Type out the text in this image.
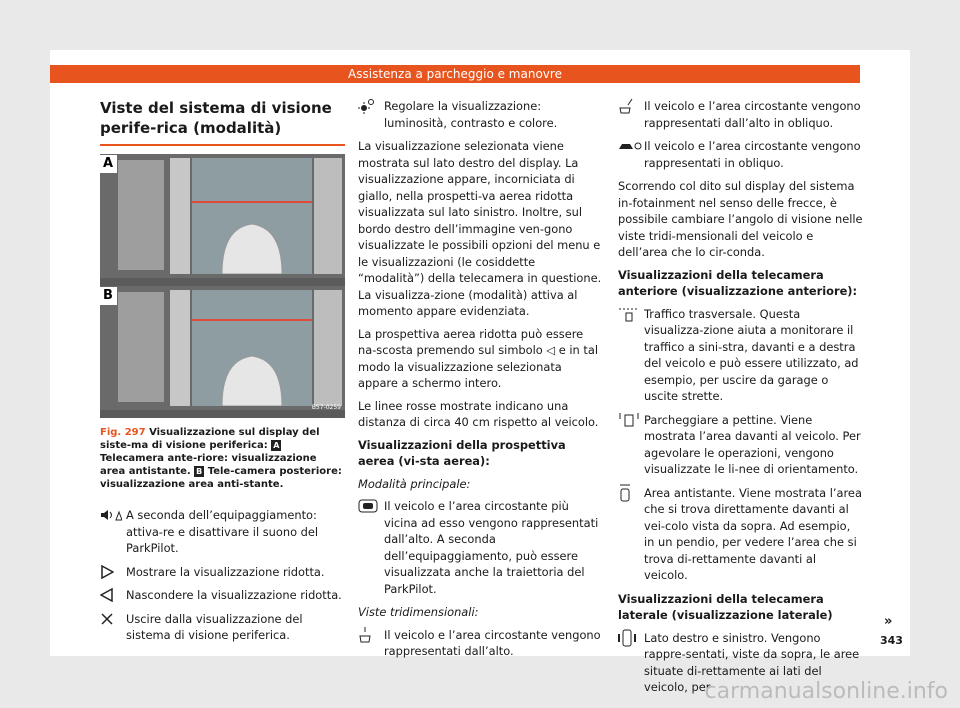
Assistenza a parcheggio e manovre
Viste del sistema di visione perife-rica (modalità)
A
B
B57-0259
Fig. 297 Visualizzazione sul display del siste-ma di visione periferica: A Telecamera ante-riore: visualizzazione area antistante. B Tele-camera posteriore: visualizzazione area anti-stante.
A seconda dell’equipaggiamento: attiva-re e disattivare il suono del ParkPilot.
Mostrare la visualizzazione ridotta.
Nascondere la visualizzazione ridotta.
Uscire dalla visualizzazione del sistema di visione periferica.
Regolare la visualizzazione: luminosità, contrasto e colore.

La visualizzazione selezionata viene mostrata sul lato destro del display. La visualizzazione appare, incorniciata di giallo, nella prospetti-va aerea ridotta visualizzata sul lato sinistro. Inoltre, sul bordo destro dell’immagine ven-gono visualizzate le possibili opzioni del menu e le visualizzazioni (le cosiddette “modalità”) della telecamera in questione. La visualizza-zione (modalità) attiva al momento appare evidenziata.

La prospettiva aerea ridotta può essere na-scosta premendo sul simbolo ◁ e in tal modo la visualizzazione selezionata appare a schermo intero.

Le linee rosse mostrate indicano una distanza di circa 40 cm rispetto al veicolo.

Visualizzazioni della prospettiva aerea (vi-sta aerea):

Modalità principale:

Il veicolo e l’area circostante più vicina ad esso vengono rappresentati dall’alto. A seconda dell’equipaggiamento, può essere visualizzata anche la traiettoria del ParkPilot.

Viste tridimensionali:

Il veicolo e l’area circostante vengono rappresentati dall’alto.
Il veicolo e l’area circostante vengono rappresentati dall’alto in obliquo.
Il veicolo e l’area circostante vengono rappresentati in obliquo.

Scorrendo col dito sul display del sistema in-fotainment nel senso delle frecce, è possibile cambiare l’angolo di visione nelle viste tridi-mensionali del veicolo e dell’area che lo cir-conda.

Visualizzazioni della telecamera anteriore (visualizzazione anteriore):

Traffico trasversale. Questa visualizza-zione aiuta a monitorare il traffico a sini-stra, davanti e a destra del veicolo e può essere utilizzato, ad esempio, per uscire da garage o uscite strette.
Parcheggiare a pettine. Viene mostrata l’area davanti al veicolo. Per agevolare le operazioni, vengono visualizzate le li-nee di orientamento.
Area antistante. Viene mostrata l’area che si trova direttamente davanti al vei-colo vista da sopra. Ad esempio, in un pendio, per vedere l’area che si trova di-rettamente davanti al veicolo.

Visualizzazioni della telecamera laterale (visualizzazione laterale)

Lato destro e sinistro. Vengono rappre-sentati, viste da sopra, le aree situate di-rettamente ai lati del veicolo, per
»
343
carmanualsonline.info
